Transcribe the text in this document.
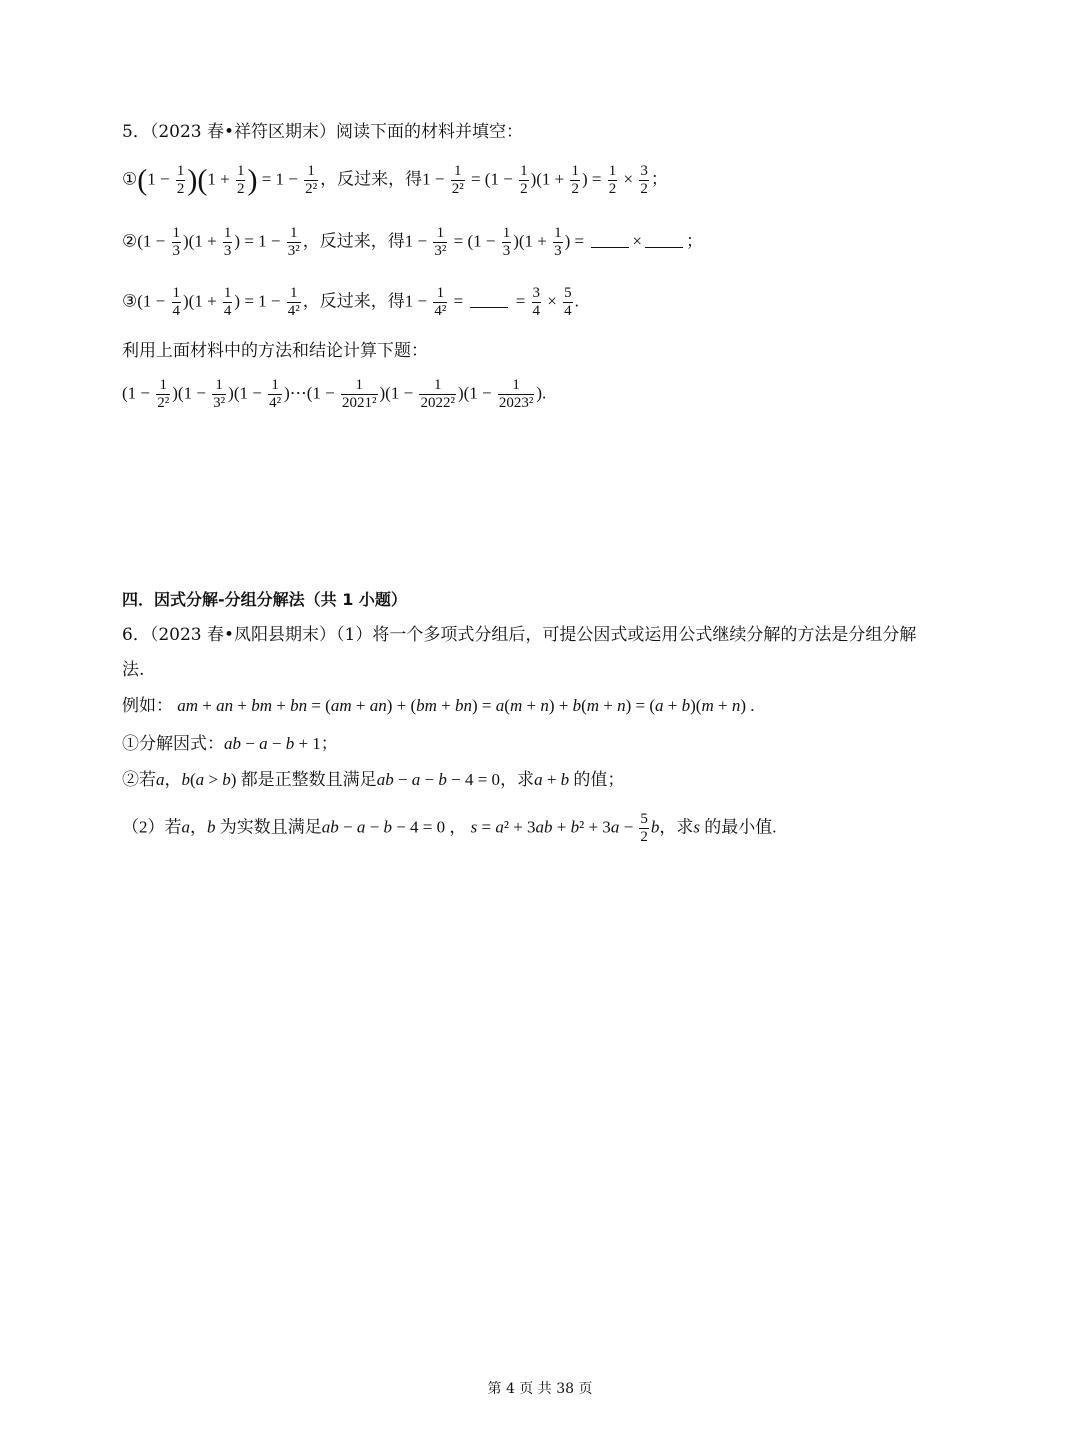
5．（2023 春•祥符区期末）阅读下面的材料并填空：
①(1 − $\frac{1}{2} )(1 + \frac{1}{2}$ ) = $1 - \frac{1}{\text{2²}}$ ，反过来，得$1 - \frac{1}{\text{2²}} = (1 - \frac{1}{2} )(1 + \frac{1}{2}$ ) = $\frac{1}{2} \times \frac{3}{2}$ ；
②(1 − $\frac{1}{3} )(1 + \frac{1}{3}$ ) = $1 - \frac{1}{\text{3²}}$ ，反过来，得$1 - \frac{1}{\text{3²}} = (1 - \frac{1}{3} )(1 + \frac{1}{3}$ ) =	×	；
③(1 − $\frac{1}{4} )(1 + \frac{1}{4}$ ) = $1 - \frac{1}{\text{4²}}$ ，反过来，得$1 - \frac{1}{\text{4²}}$ =	= $\frac{3}{4} \times \frac{5}{4}$ .
利用上面材料中的方法和结论计算下题：
$(1 - \frac{1}{\text{2²}} )(1 - \frac{1}{\text{3²}} )(1 - \frac{1}{\text{4²}}$ )⋯(1 − $\frac{1}{\text{2021²}} )(1 - \frac{1}{\text{2022²}} )(1 - \frac{1}{\text{2023²}}$ ).
四．因式分解-分组分解法（共 1 小题）
6．（2023 春•凤阳县期末）（1）将一个多项式分组后，可提公因式或运用公式继续分解的方法是分组分解
法.
例如： am + an + bm + bn = (am + an) + (bm + bn) = a(m + n) + b(m + n) = (a + b)(m + n) .
①分解因式：ab − a − b + 1；
②若a，b(a > b) 都是正整数且满足ab − a − b − 4 = 0，求a + b 的值；
（2）若a，b 为实数且满足ab − a − b − 4 = 0 ， $s = a^2 + 3ab + b^2 + 3a - \frac{5}{2}$ b，求s 的最小值.
第 4 页 共 38 页
